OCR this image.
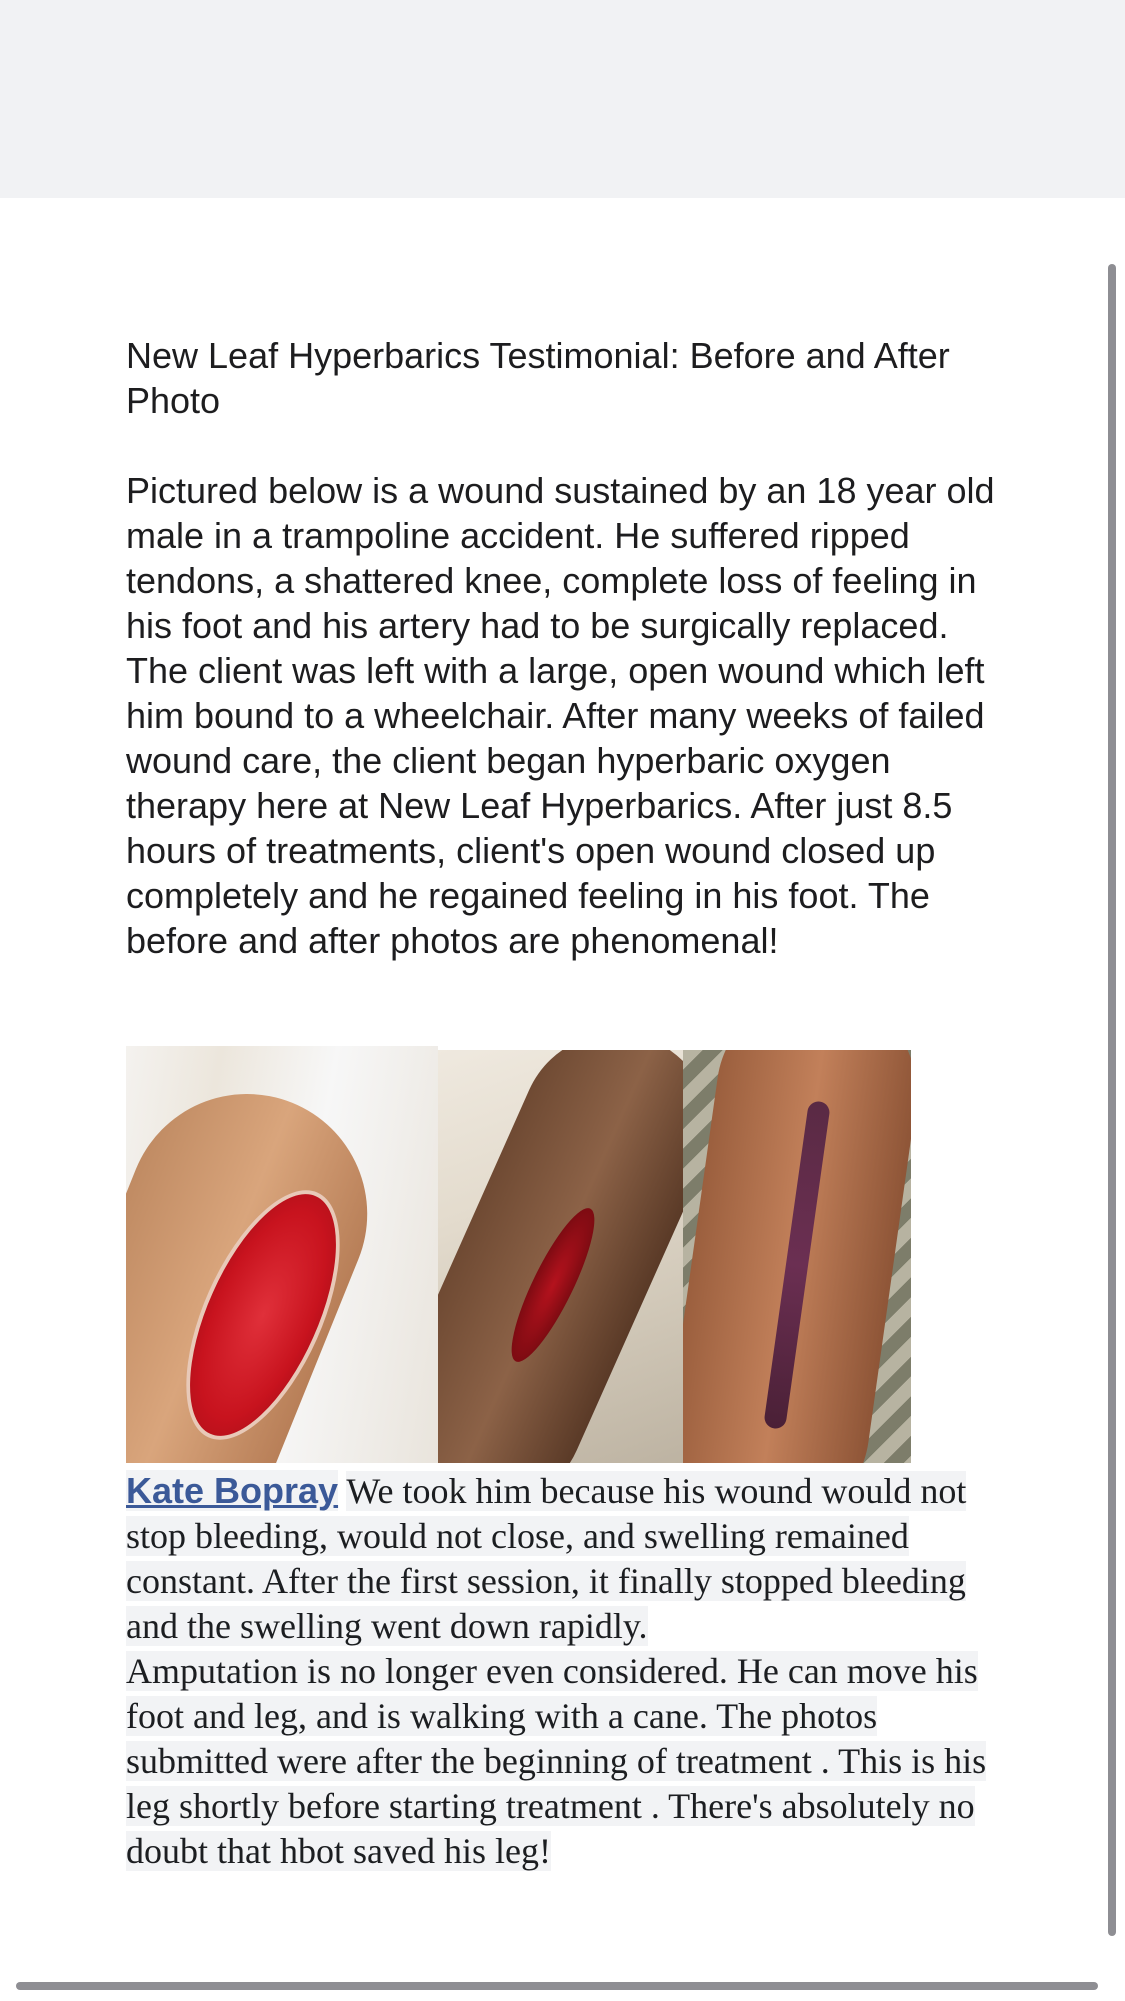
New Leaf Hyperbarics Testimonial: Before and After Photo

Pictured below is a wound sustained by an 18 year old male in a trampoline accident. He suffered ripped tendons, a shattered knee, complete loss of feeling in his foot and his artery had to be surgically replaced. The client was left with a large, open wound which left him bound to a wheelchair. After many weeks of failed wound care, the client began hyperbaric oxygen therapy here at New Leaf Hyperbarics. After just 8.5 hours of treatments, client's open wound closed up completely and he regained feeling in his foot. The before and after photos are phenomenal!

Kate Bopray We took him because his wound would not stop bleeding, would not close, and swelling remained constant. After the first session, it finally stopped bleeding and the swelling went down rapidly.

Amputation is no longer even considered. He can move his foot and leg, and is walking with a cane. The photos submitted were after the beginning of treatment . This is his leg shortly before starting treatment . There's absolutely no doubt that hbot saved his leg!
